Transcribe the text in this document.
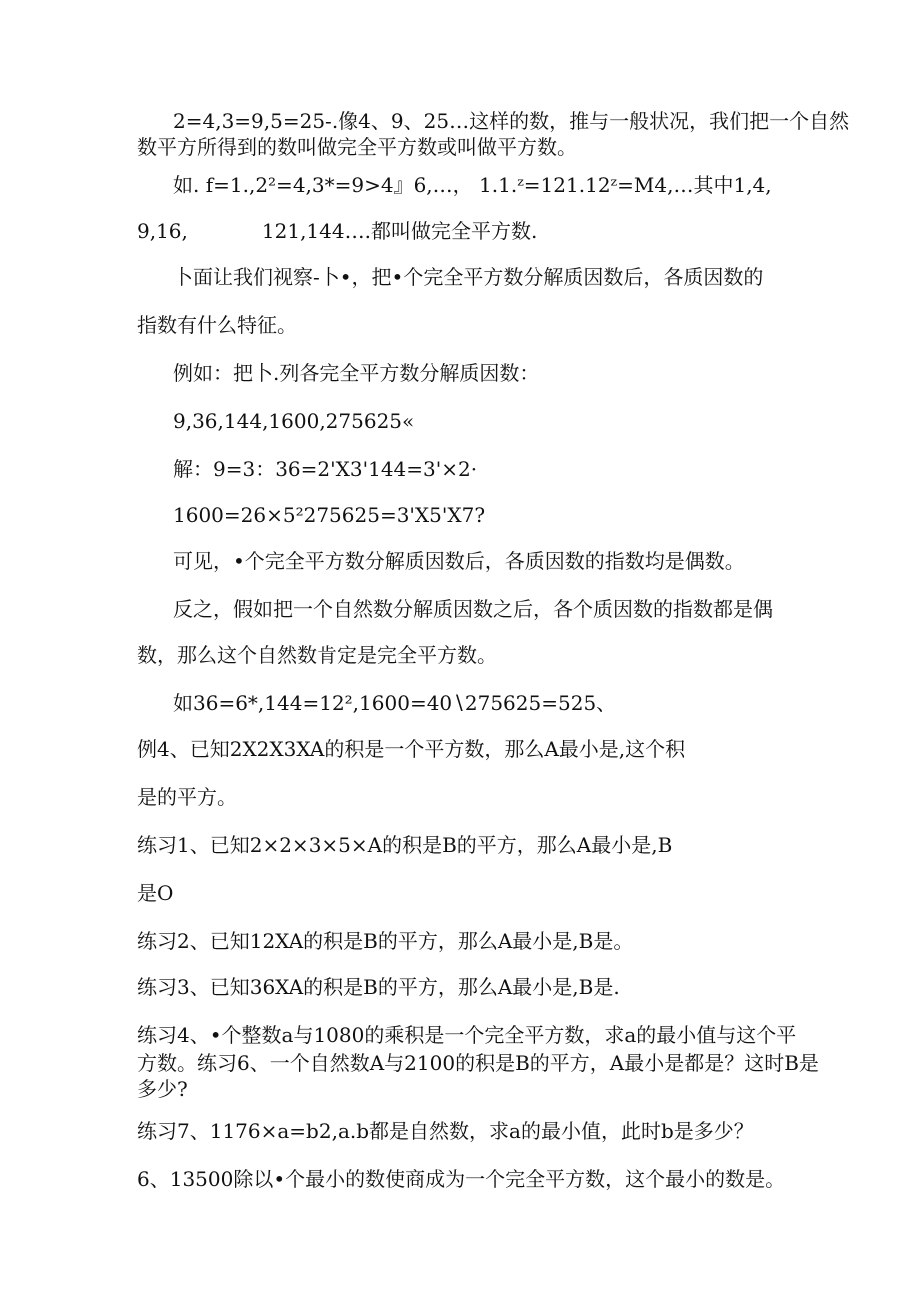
2=4,3=9,5=25-.像4、9、25…这样的数，推与一般状况，我们把一个自然

数平方所得到的数叫做完全平方数或叫做平方数。

如. f=1.,2²=4,3*=9>4』6,…， 1.1.ᶻ=121.12ᶻ=M4,…其中1,4,

9,16,	121,144….都叫做完全平方数.

卜面让我们视察-卜•，把•个完全平方数分解质因数后，各质因数的

指数有什么特征。

例如：把卜.列各完全平方数分解质因数：

9,36,144,1600,275625«

解：9=3：36=2'X3'144=3'×2·

1600=26×5²275625=3'X5'X7?

可见，•个完全平方数分解质因数后，各质因数的指数均是偶数。

反之，假如把一个自然数分解质因数之后，各个质因数的指数都是偶

数，那么这个自然数肯定是完全平方数。

如36=6*,144=12²,1600=40∖275625=525、

例4、已知2X2X3XA的积是一个平方数，那么A最小是,这个积

是的平方。

练习1、已知2×2×3×5×A的积是B的平方，那么A最小是,B

是O

练习2、已知12XA的积是B的平方，那么A最小是,B是。

练习3、已知36XA的积是B的平方，那么A最小是,B是.

练习4、•个整数a与1080的乘积是一个完全平方数，求a的最小值与这个平

方数。练习6、一个自然数A与2100的积是B的平方，A最小是都是？这时B是

多少?

练习7、1176×a=b2,a.b都是自然数，求a的最小值，此时b是多少？

6、13500除以•个最小的数使商成为一个完全平方数，这个最小的数是。
